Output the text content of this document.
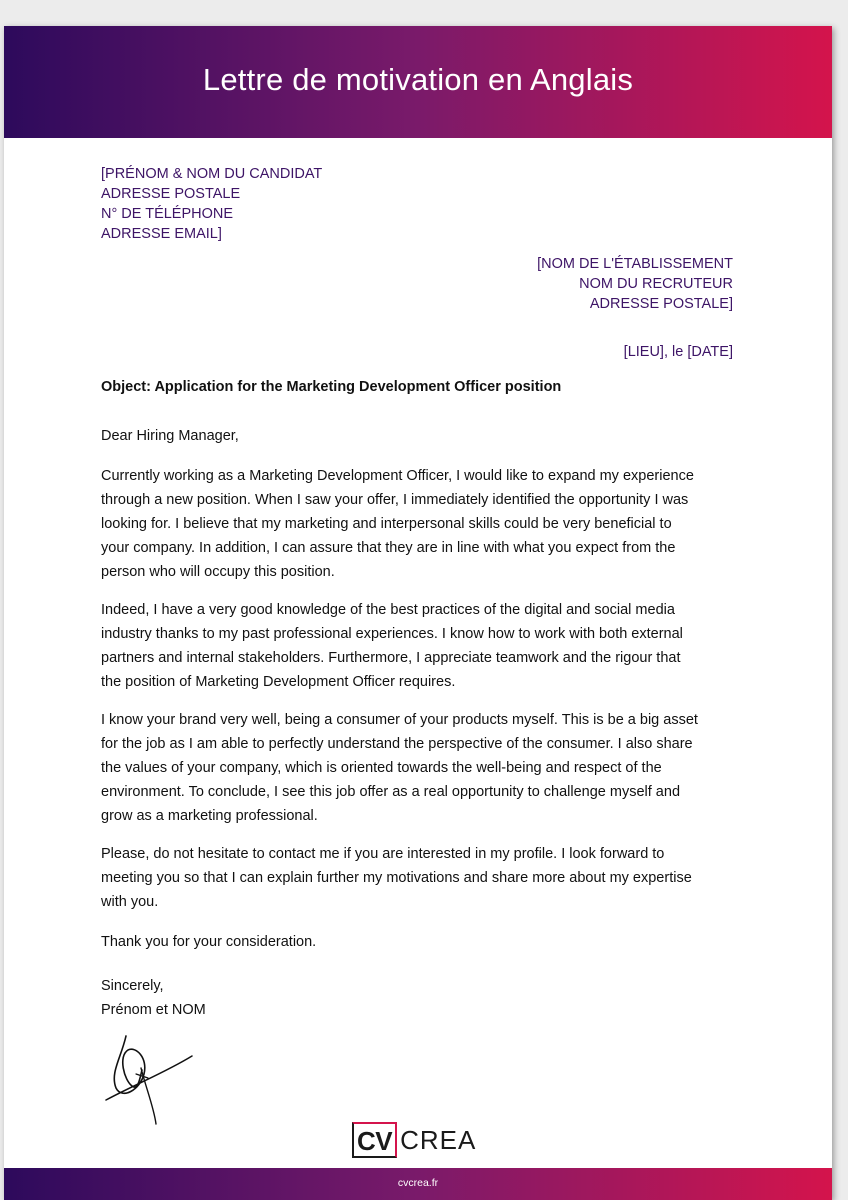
Lettre de motivation en Anglais
[PRÉNOM & NOM DU CANDIDAT
ADRESSE POSTALE
N° DE TÉLÉPHONE
ADRESSE EMAIL]
[NOM DE L'ÉTABLISSEMENT
NOM DU RECRUTEUR
ADRESSE POSTALE]
[LIEU], le [DATE]
Object: Application for the Marketing Development Officer position
Dear Hiring Manager,
Currently working as a Marketing Development Officer, I would like to expand my experience
through a new position. When I saw your offer, I immediately identified the opportunity I was
looking for. I believe that my marketing and interpersonal skills could be very beneficial to
your company. In addition, I can assure that they are in line with what you expect from the
person who will occupy this position.
Indeed, I have a very good knowledge of the best practices of the digital and social media
industry thanks to my past professional experiences. I know how to work with both external
partners and internal stakeholders. Furthermore, I appreciate teamwork and the rigour that
the position of Marketing Development Officer requires.
I know your brand very well, being a consumer of your products myself. This is be a big asset
for the job as I am able to perfectly understand the perspective of the consumer. I also share
the values of your company, which is oriented towards the well-being and respect of the
environment. To conclude, I see this job offer as a real opportunity to challenge myself and
grow as a marketing professional.
Please, do not hesitate to contact me if you are interested in my profile. I look forward to
meeting you so that I can explain further my motivations and share more about my expertise
with you.
Thank you for your consideration.
Sincerely,
Prénom et NOM
CV CREA
cvcrea.fr
